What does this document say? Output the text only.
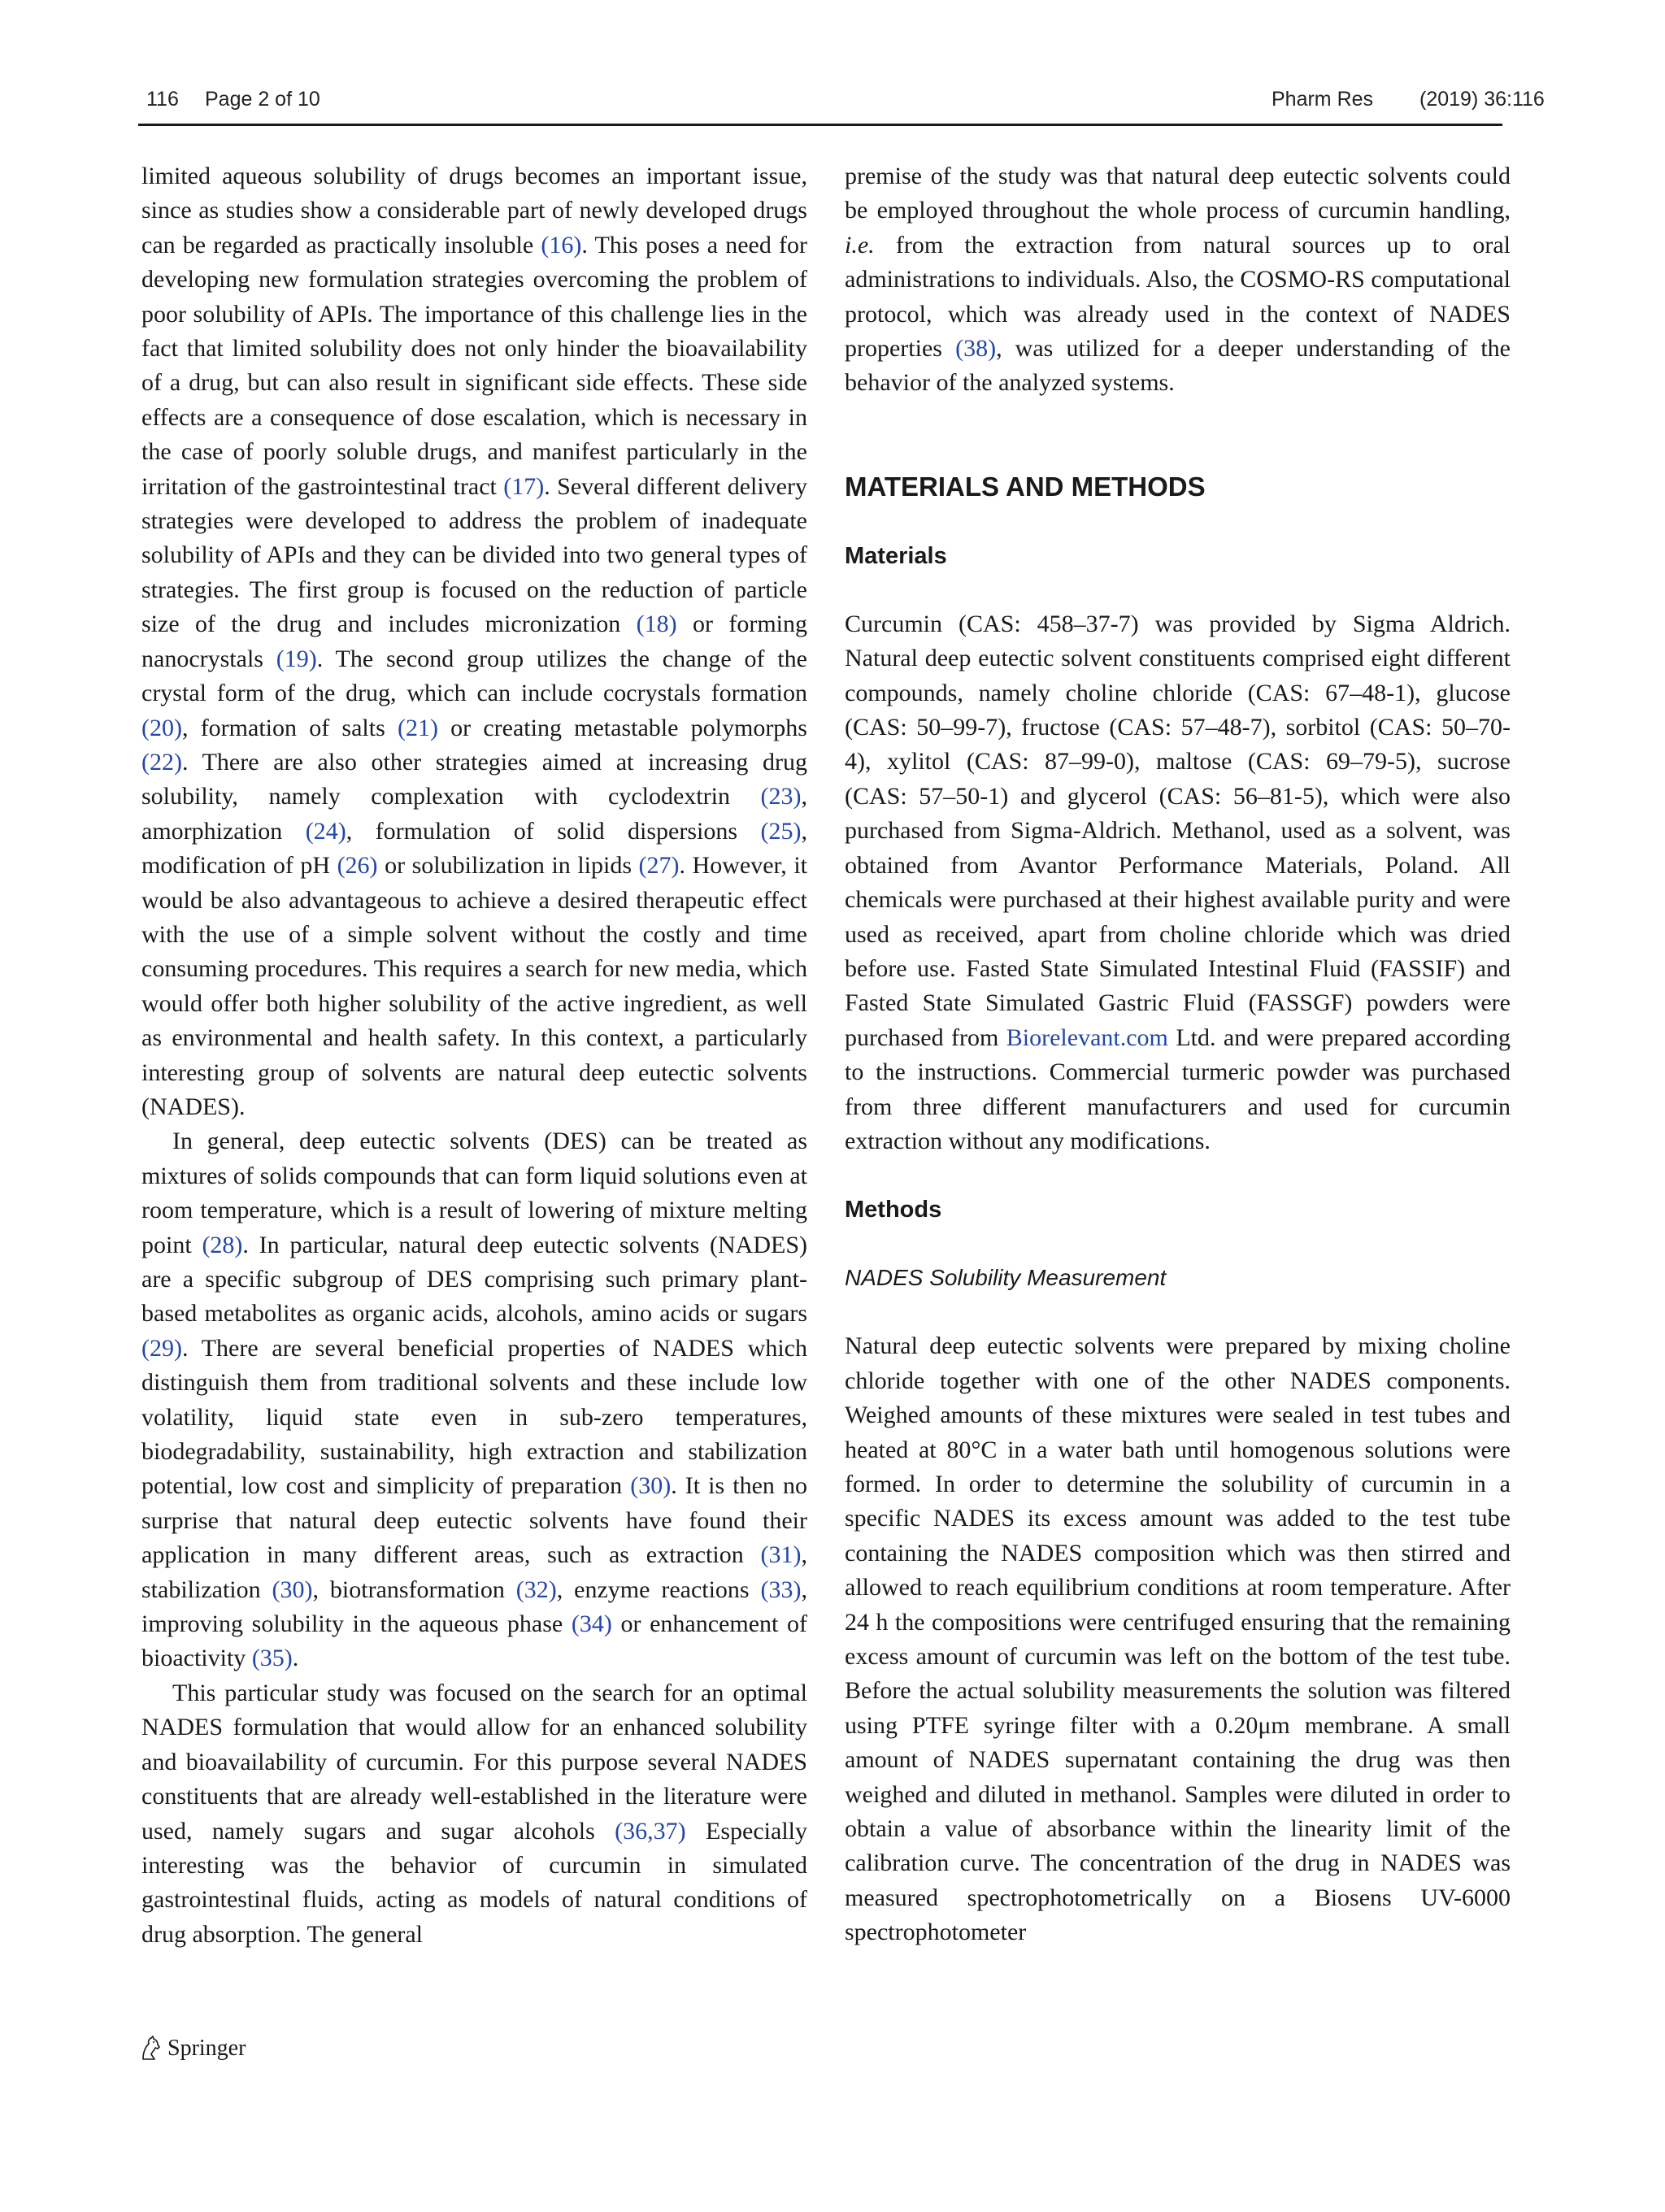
116 Page 2 of 10	Pharm Res (2019) 36:116

limited aqueous solubility of drugs becomes an important issue, since as studies show a considerable part of newly developed drugs can be regarded as practically insoluble (16). This poses a need for developing new formulation strategies overcoming the problem of poor solubility of APIs. The importance of this challenge lies in the fact that limited solubility does not only hinder the bioavailability of a drug, but can also result in significant side effects. These side effects are a consequence of dose escalation, which is necessary in the case of poorly soluble drugs, and manifest particularly in the irritation of the gastrointestinal tract (17). Several different delivery strategies were developed to address the problem of inadequate solubility of APIs and they can be divided into two general types of strategies. The first group is focused on the reduction of particle size of the drug and includes micronization (18) or forming nanocrystals (19). The second group utilizes the change of the crystal form of the drug, which can include cocrystals formation (20), formation of salts (21) or creating metastable polymorphs (22). There are also other strategies aimed at increasing drug solubility, namely complexation with cyclodextrin (23), amorphization (24), formulation of solid dispersions (25), modification of pH (26) or solubilization in lipids (27). However, it would be also advantageous to achieve a desired therapeutic effect with the use of a simple solvent without the costly and time consuming procedures. This requires a search for new media, which would offer both higher solubility of the active ingredient, as well as environmental and health safety. In this context, a particularly interesting group of solvents are natural deep eutectic solvents (NADES).

In general, deep eutectic solvents (DES) can be treated as mixtures of solids compounds that can form liquid solutions even at room temperature, which is a result of lowering of mixture melting point (28). In particular, natural deep eutectic solvents (NADES) are a specific subgroup of DES comprising such primary plant-based metabolites as organic acids, alcohols, amino acids or sugars (29). There are several beneficial properties of NADES which distinguish them from traditional solvents and these include low volatility, liquid state even in sub-zero temperatures, biodegradability, sustainability, high extraction and stabilization potential, low cost and simplicity of preparation (30). It is then no surprise that natural deep eutectic solvents have found their application in many different areas, such as extraction (31), stabilization (30), biotransformation (32), enzyme reactions (33), improving solubility in the aqueous phase (34) or enhancement of bioactivity (35).

This particular study was focused on the search for an optimal NADES formulation that would allow for an enhanced solubility and bioavailability of curcumin. For this purpose several NADES constituents that are already well-established in the literature were used, namely sugars and sugar alcohols (36,37) Especially interesting was the behavior of curcumin in simulated gastrointestinal fluids, acting as models of natural conditions of drug absorption. The general

premise of the study was that natural deep eutectic solvents could be employed throughout the whole process of curcumin handling, i.e. from the extraction from natural sources up to oral administrations to individuals. Also, the COSMO-RS computational protocol, which was already used in the context of NADES properties (38), was utilized for a deeper understanding of the behavior of the analyzed systems.

MATERIALS AND METHODS
Materials

Curcumin (CAS: 458–37-7) was provided by Sigma Aldrich. Natural deep eutectic solvent constituents comprised eight different compounds, namely choline chloride (CAS: 67–48-1), glucose (CAS: 50–99-7), fructose (CAS: 57–48-7), sorbitol (CAS: 50–70-4), xylitol (CAS: 87–99-0), maltose (CAS: 69–79-5), sucrose (CAS: 57–50-1) and glycerol (CAS: 56–81-5), which were also purchased from Sigma-Aldrich. Methanol, used as a solvent, was obtained from Avantor Performance Materials, Poland. All chemicals were purchased at their highest available purity and were used as received, apart from choline chloride which was dried before use. Fasted State Simulated Intestinal Fluid (FASSIF) and Fasted State Simulated Gastric Fluid (FASSGF) powders were purchased from Biorelevant.com Ltd. and were prepared according to the instructions. Commercial turmeric powder was purchased from three different manufacturers and used for curcumin extraction without any modifications.

Methods
NADES Solubility Measurement

Natural deep eutectic solvents were prepared by mixing choline chloride together with one of the other NADES components. Weighed amounts of these mixtures were sealed in test tubes and heated at 80°C in a water bath until homogenous solutions were formed. In order to determine the solubility of curcumin in a specific NADES its excess amount was added to the test tube containing the NADES composition which was then stirred and allowed to reach equilibrium conditions at room temperature. After 24 h the compositions were centrifuged ensuring that the remaining excess amount of curcumin was left on the bottom of the test tube. Before the actual solubility measurements the solution was filtered using PTFE syringe filter with a 0.20μm membrane. A small amount of NADES supernatant containing the drug was then weighed and diluted in methanol. Samples were diluted in order to obtain a value of absorbance within the linearity limit of the calibration curve. The concentration of the drug in NADES was measured spectrophotometrically on a Biosens UV-6000 spectrophotometer

Springer
